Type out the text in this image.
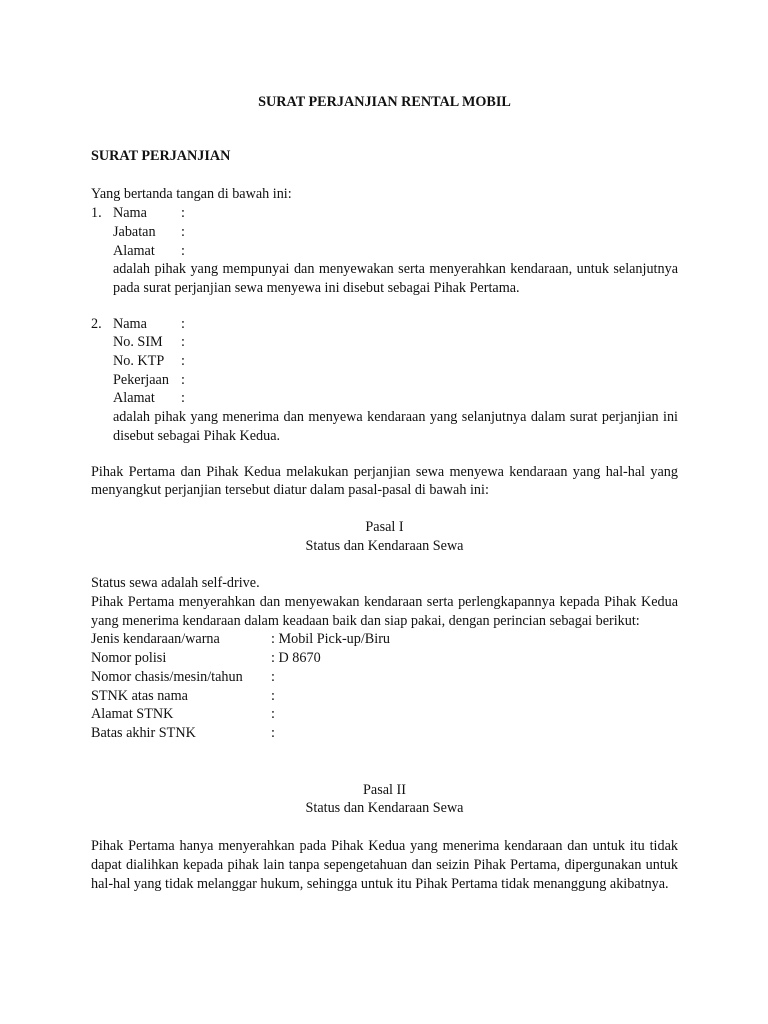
SURAT PERJANJIAN RENTAL MOBIL

SURAT PERJANJIAN

Yang bertanda tangan di bawah ini:

1. Nama	:
Jabatan	:
Alamat	:

adalah pihak yang mempunyai dan menyewakan serta menyerahkan kendaraan, untuk selanjutnya pada surat perjanjian sewa menyewa ini disebut sebagai Pihak Pertama.

2. Nama	:
No. SIM	:
No. KTP	:
Pekerjaan :
Alamat	:

adalah pihak yang menerima dan menyewa kendaraan yang selanjutnya dalam surat perjanjian ini disebut sebagai Pihak Kedua.

Pihak Pertama dan Pihak Kedua melakukan perjanjian sewa menyewa kendaraan yang hal-hal yang menyangkut perjanjian tersebut diatur dalam pasal-pasal di bawah ini:

Pasal I

Status dan Kendaraan Sewa

Status sewa adalah self-drive.

Pihak Pertama menyerahkan dan menyewakan kendaraan serta perlengkapannya kepada Pihak Kedua yang menerima kendaraan dalam keadaan baik dan siap pakai, dengan perincian sebagai berikut:

Jenis kendaraan/warna	: Mobil Pick-up/Biru
Nomor polisi	: D 8670
Nomor chasis/mesin/tahun	:
STNK atas nama	:
Alamat STNK	:
Batas akhir STNK	:

Pasal II

Status dan Kendaraan Sewa

Pihak Pertama hanya menyerahkan pada Pihak Kedua yang menerima kendaraan dan untuk itu tidak dapat dialihkan kepada pihak lain tanpa sepengetahuan dan seizin Pihak Pertama, dipergunakan untuk hal-hal yang tidak melanggar hukum, sehingga untuk itu Pihak Pertama tidak menanggung akibatnya.
